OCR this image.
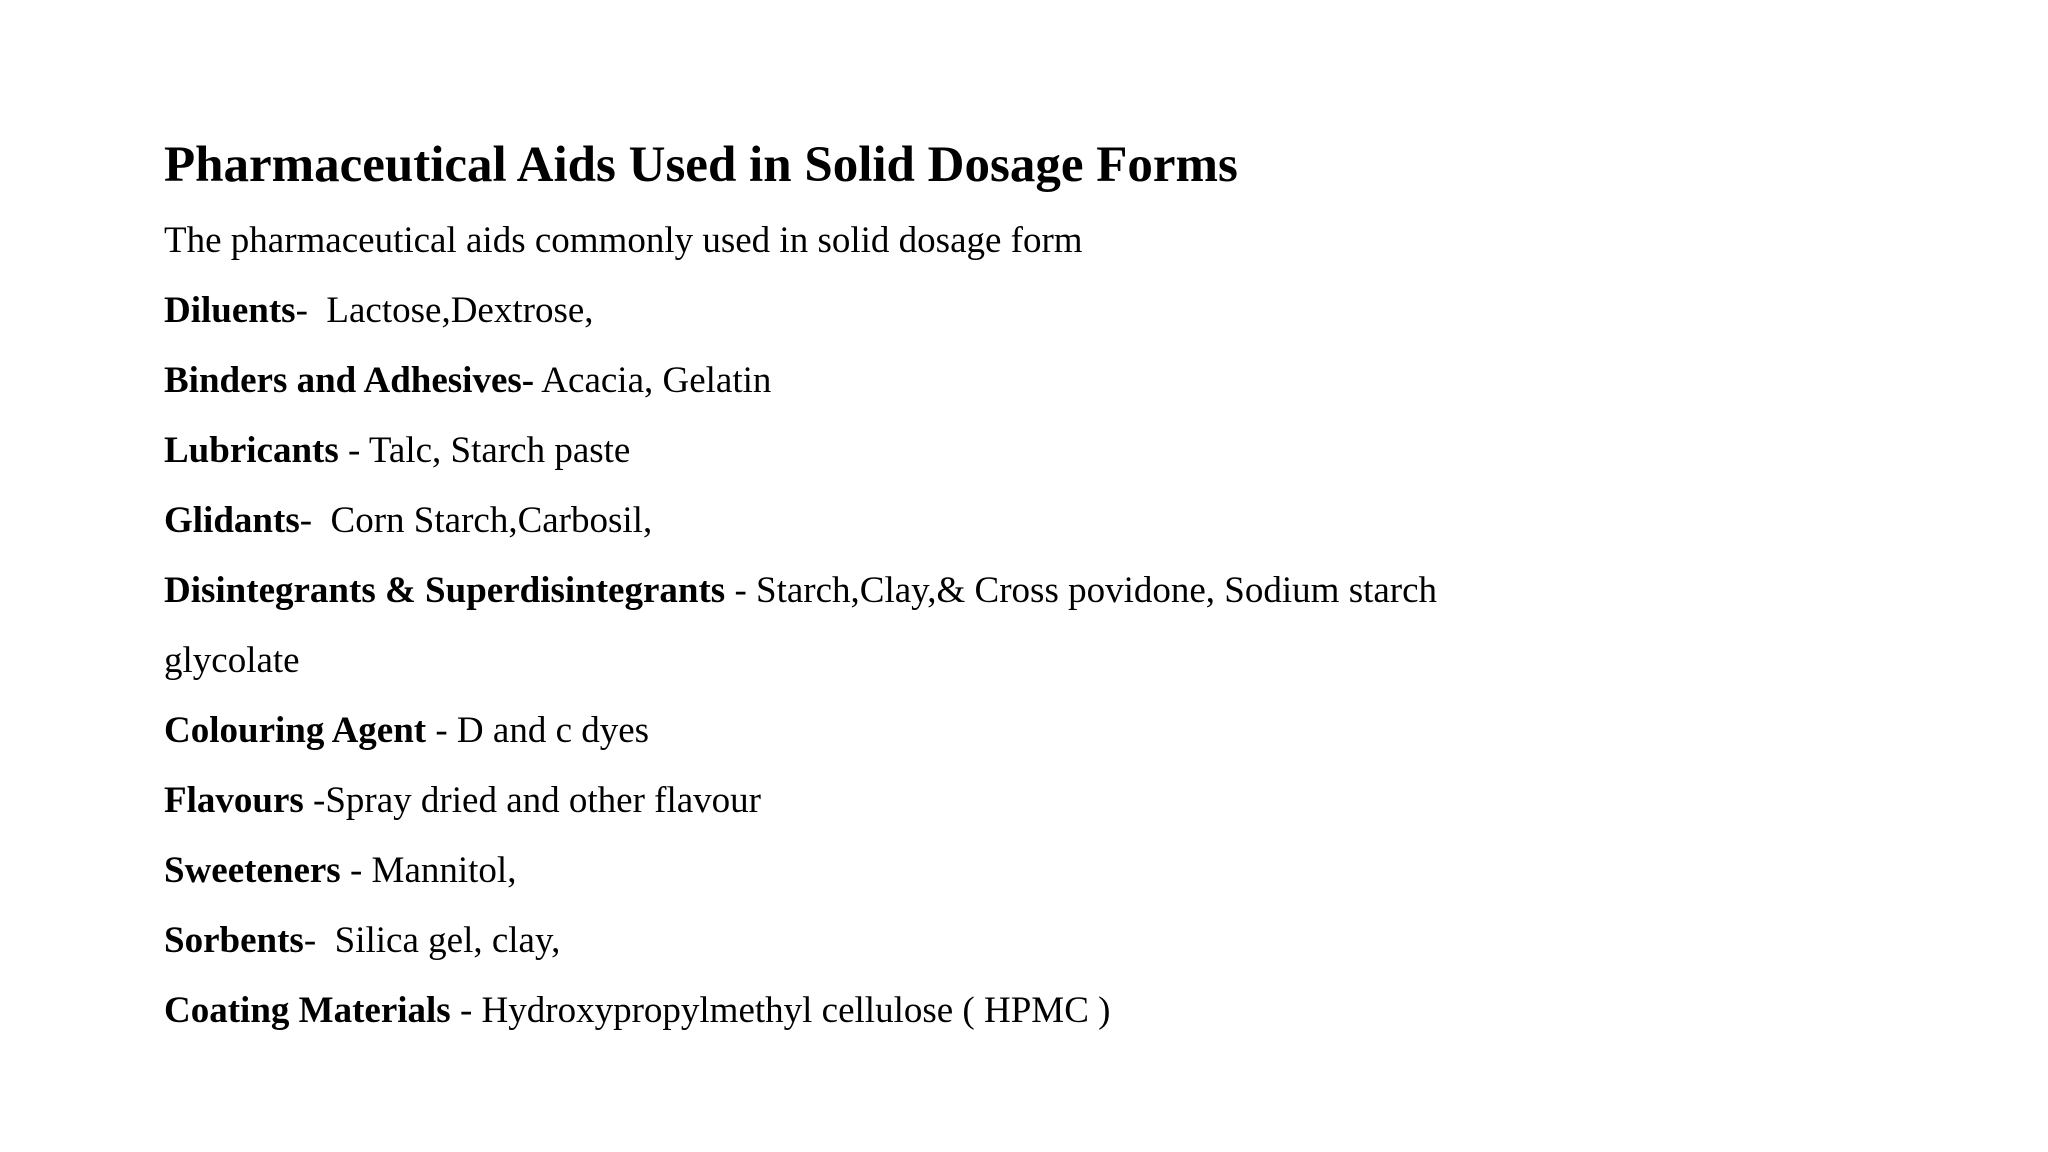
Pharmaceutical Aids Used in Solid Dosage Forms

The pharmaceutical aids commonly used in solid dosage form

Diluents-  Lactose,Dextrose,

Binders and Adhesives- Acacia, Gelatin

Lubricants - Talc, Starch paste

Glidants-  Corn Starch,Carbosil,

Disintegrants & Superdisintegrants - Starch,Clay,& Cross povidone, Sodium starch

glycolate

Colouring Agent - D and c dyes

Flavours -Spray dried and other flavour

Sweeteners - Mannitol,

Sorbents-  Silica gel, clay,

Coating Materials - Hydroxypropylmethyl cellulose ( HPMC )
